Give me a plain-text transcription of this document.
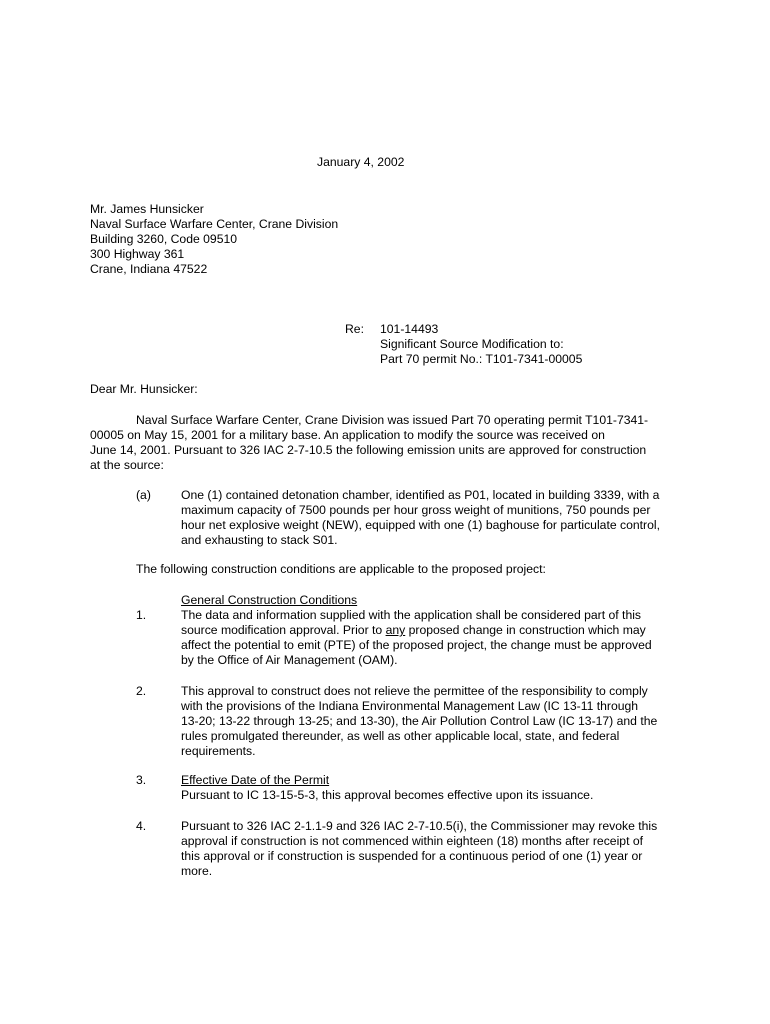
January 4, 2002
Mr. James Hunsicker
Naval Surface Warfare Center, Crane Division
Building 3260, Code 09510
300 Highway 361
Crane, Indiana 47522
Re: 101-14493
Significant Source Modification to:
Part 70 permit No.: T101-7341-00005
Dear Mr. Hunsicker:
Naval Surface Warfare Center, Crane Division was issued Part 70 operating permit T101-7341-
00005 on May 15, 2001 for a military base. An application to modify the source was received on
June 14, 2001. Pursuant to 326 IAC 2-7-10.5 the following emission units are approved for construction
at the source:
(a) One (1) contained detonation chamber, identified as P01, located in building 3339, with a
maximum capacity of 7500 pounds per hour gross weight of munitions, 750 pounds per
hour net explosive weight (NEW), equipped with one (1) baghouse for particulate control,
and exhausting to stack S01.
The following construction conditions are applicable to the proposed project:
General Construction Conditions
1.	The data and information supplied with the application shall be considered part of this
source modification approval. Prior to any proposed change in construction which may
affect the potential to emit (PTE) of the proposed project, the change must be approved
by the Office of Air Management (OAM).
2.	This approval to construct does not relieve the permittee of the responsibility to comply
with the provisions of the Indiana Environmental Management Law (IC 13-11 through
13-20; 13-22 through 13-25; and 13-30), the Air Pollution Control Law (IC 13-17) and the
rules promulgated thereunder, as well as other applicable local, state, and federal
requirements.
3.	Effective Date of the Permit
Pursuant to IC 13-15-5-3, this approval becomes effective upon its issuance.
4.	Pursuant to 326 IAC 2-1.1-9 and 326 IAC 2-7-10.5(i), the Commissioner may revoke this
approval if construction is not commenced within eighteen (18) months after receipt of
this approval or if construction is suspended for a continuous period of one (1) year or
more.
